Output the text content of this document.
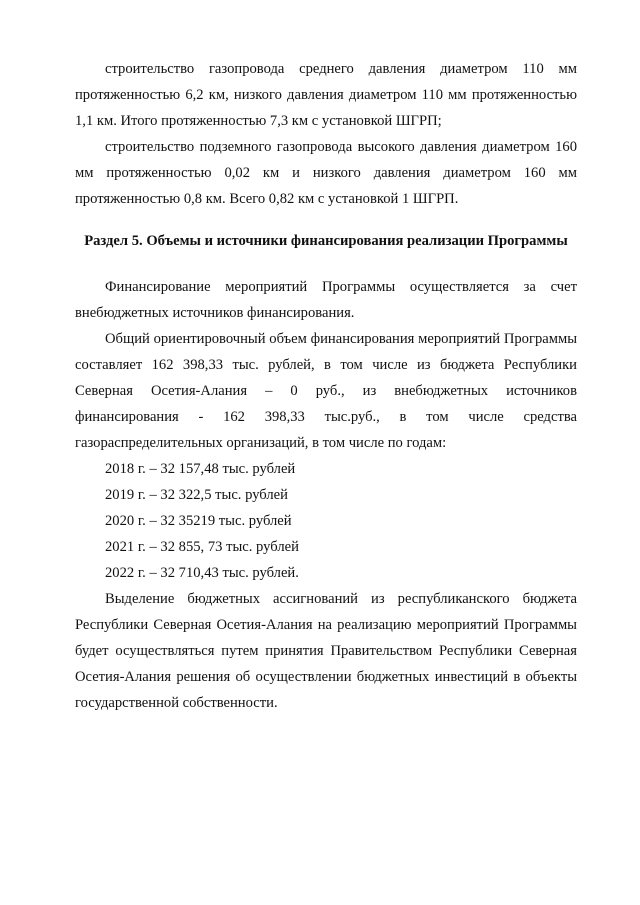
строительство газопровода среднего давления диаметром 110 мм протяженностью 6,2 км, низкого давления диаметром 110 мм протяженностью 1,1 км. Итого протяженностью 7,3 км с установкой ШГРП;

строительство подземного газопровода высокого давления диаметром 160 мм протяженностью 0,02 км и низкого давления диаметром 160 мм протяженностью 0,8 км. Всего 0,82 км с установкой 1 ШГРП.

Раздел 5. Объемы и источники финансирования реализации Программы

Финансирование мероприятий Программы осуществляется за счет внебюджетных источников финансирования.

Общий ориентировочный объем финансирования мероприятий Программы составляет 162 398,33 тыс. рублей, в том числе из бюджета Республики Северная Осетия-Алания – 0 руб., из внебюджетных источников финансирования - 162 398,33 тыс.руб., в том числе средства газораспределительных организаций, в том числе по годам:

2018 г. – 32 157,48 тыс. рублей

2019 г. – 32 322,5 тыс. рублей

2020 г. – 32 35219 тыс. рублей

2021 г. – 32 855, 73 тыс. рублей

2022 г. – 32 710,43 тыс. рублей.

Выделение бюджетных ассигнований из республиканского бюджета Республики Северная Осетия-Алания на реализацию мероприятий Программы будет осуществляться путем принятия Правительством Республики Северная Осетия-Алания решения об осуществлении бюджетных инвестиций в объекты государственной собственности.
